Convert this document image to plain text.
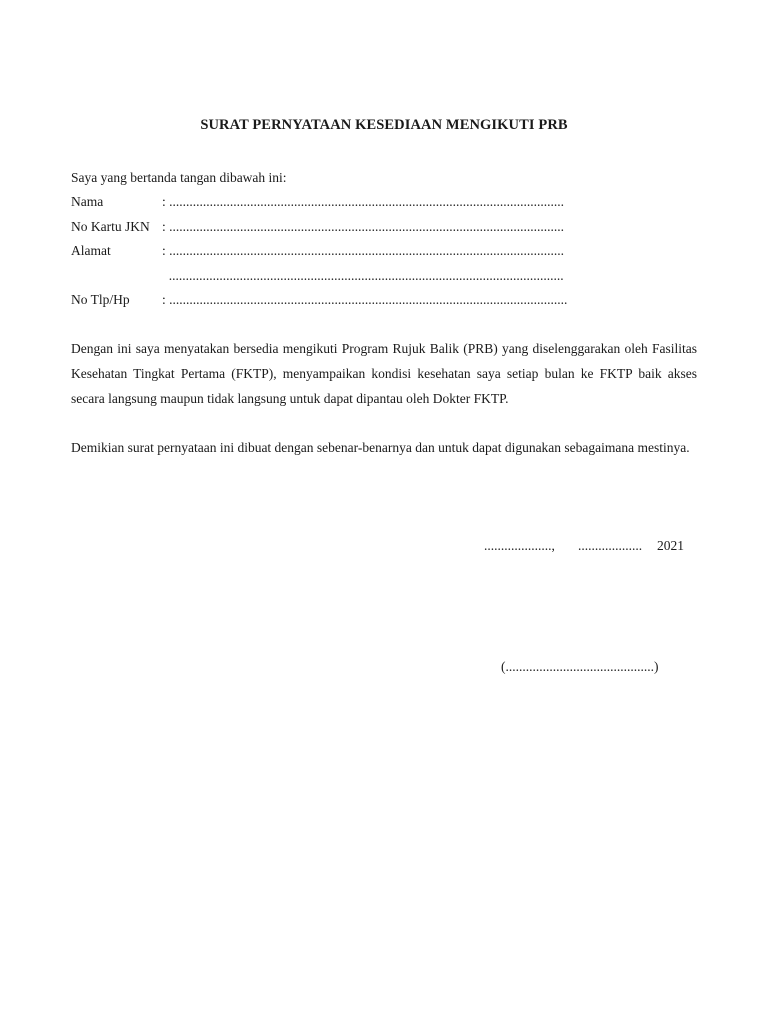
SURAT PERNYATAAN KESEDIAAN MENGIKUTI PRB
Saya yang bertanda tangan dibawah ini:
Nama	: .....................................................................................................................
No Kartu JKN : .....................................................................................................................
Alamat	: .....................................................................................................................
.....................................................................................................................
No Tlp/Hp : ......................................................................................................................
Dengan ini saya menyatakan bersedia mengikuti Program Rujuk Balik (PRB) yang diselenggarakan oleh Fasilitas Kesehatan Tingkat Pertama (FKTP), menyampaikan kondisi kesehatan saya setiap bulan ke FKTP baik akses secara langsung maupun tidak langsung untuk dapat dipantau oleh Dokter FKTP.
Demikian surat pernyataan ini dibuat dengan sebenar-benarnya dan untuk dapat digunakan sebagaimana mestinya.
...................., ................... 2021
(............................................)
